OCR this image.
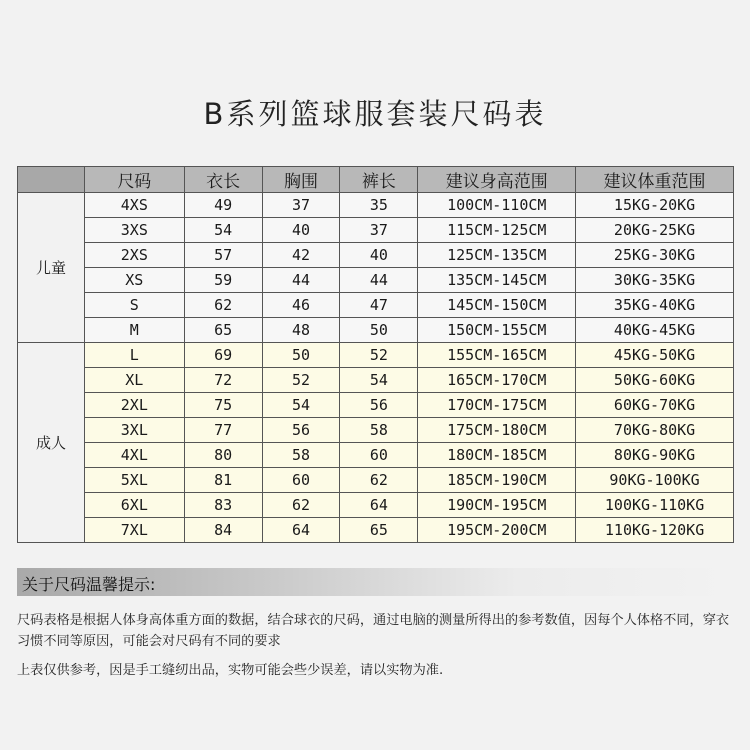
B系列篮球服套装尺码表
	尺码	衣长	胸围	裤长	建议身高范围	建议体重范围
儿童	4XS	49	37	35	100CM-110CM	15KG-20KG
	3XS	54	40	37	115CM-125CM	20KG-25KG
	2XS	57	42	40	125CM-135CM	25KG-30KG
	XS	59	44	44	135CM-145CM	30KG-35KG
	S	62	46	47	145CM-150CM	35KG-40KG
	M	65	48	50	150CM-155CM	40KG-45KG
成人	L	69	50	52	155CM-165CM	45KG-50KG
	XL	72	52	54	165CM-170CM	50KG-60KG
	2XL	75	54	56	170CM-175CM	60KG-70KG
	3XL	77	56	58	175CM-180CM	70KG-80KG
	4XL	80	58	60	180CM-185CM	80KG-90KG
	5XL	81	60	62	185CM-190CM	90KG-100KG
	6XL	83	62	64	190CM-195CM	100KG-110KG
	7XL	84	64	65	195CM-200CM	110KG-120KG
关于尺码温馨提示:
尺码表格是根据人体身高体重方面的数据，结合球衣的尺码，通过电脑的测量所得出的参考数值，因每个人体格不同，穿衣习惯不同等原因，可能会对尺码有不同的要求
上表仅供参考，因是手工缝纫出品，实物可能会些少误差，请以实物为准.
